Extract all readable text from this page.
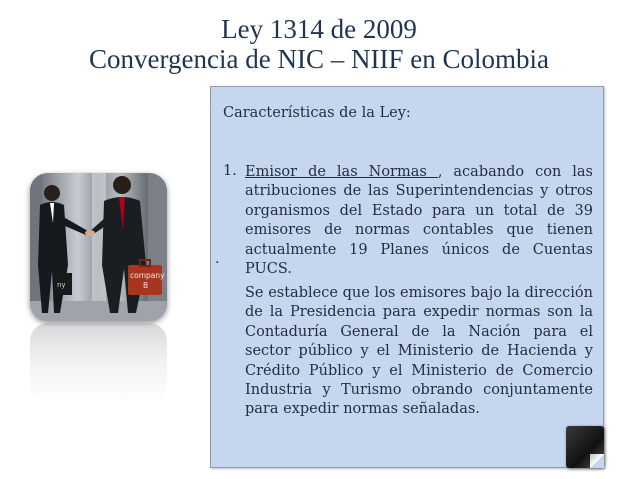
Ley 1314 de 2009
Convergencia de NIC – NIIF en Colombia
ny
company
B
Características de la Ley:
.
1. Emisor de las Normas , acabando con las atribuciones de las Superintendencias y otros organismos del Estado para un total de 39 emisores de normas contables que tienen actualmente 19 Planes únicos de Cuentas PUCS.
Se establece que los emisores bajo la dirección de la Presidencia para expedir normas son la Contaduría General de la Nación para el sector público y el Ministerio de Hacienda y Crédito Público y el Ministerio de Comercio Industria y Turismo obrando conjuntamente para expedir normas señaladas.
